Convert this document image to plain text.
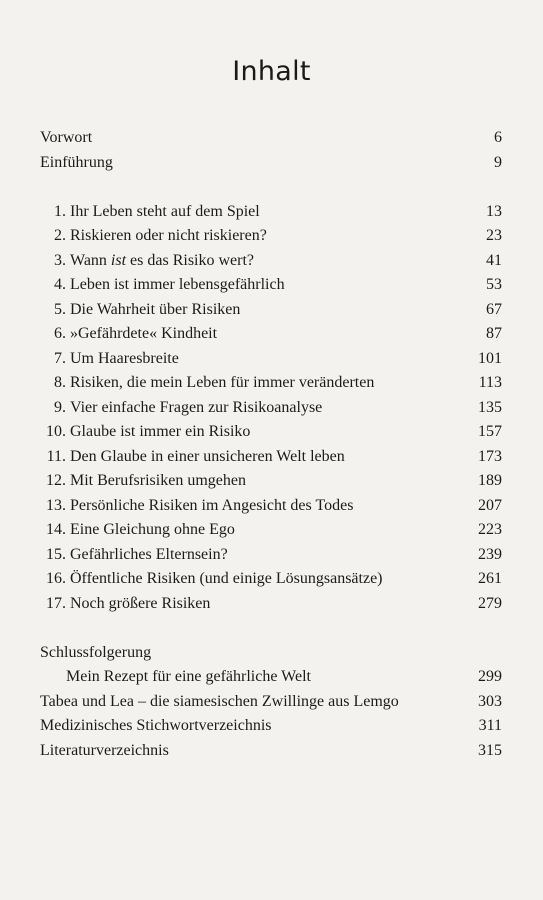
Inhalt
Vorwort	6
Einführung	9
1. Ihr Leben steht auf dem Spiel	13
2. Riskieren oder nicht riskieren?	23
3. Wann ist es das Risiko wert?	41
4. Leben ist immer lebensgefährlich	53
5. Die Wahrheit über Risiken	67
6. »Gefährdete« Kindheit	87
7. Um Haaresbreite	101
8. Risiken, die mein Leben für immer veränderten	113
9. Vier einfache Fragen zur Risikoanalyse	135
10. Glaube ist immer ein Risiko	157
11. Den Glaube in einer unsicheren Welt leben	173
12. Mit Berufsrisiken umgehen	189
13. Persönliche Risiken im Angesicht des Todes	207
14. Eine Gleichung ohne Ego	223
15. Gefährliches Elternsein?	239
16. Öffentliche Risiken (und einige Lösungsansätze)	261
17. Noch größere Risiken	279
Schlussfolgerung
Mein Rezept für eine gefährliche Welt	299
Tabea und Lea – die siamesischen Zwillinge aus Lemgo	303
Medizinisches Stichwortverzeichnis	311
Literaturverzeichnis	315
